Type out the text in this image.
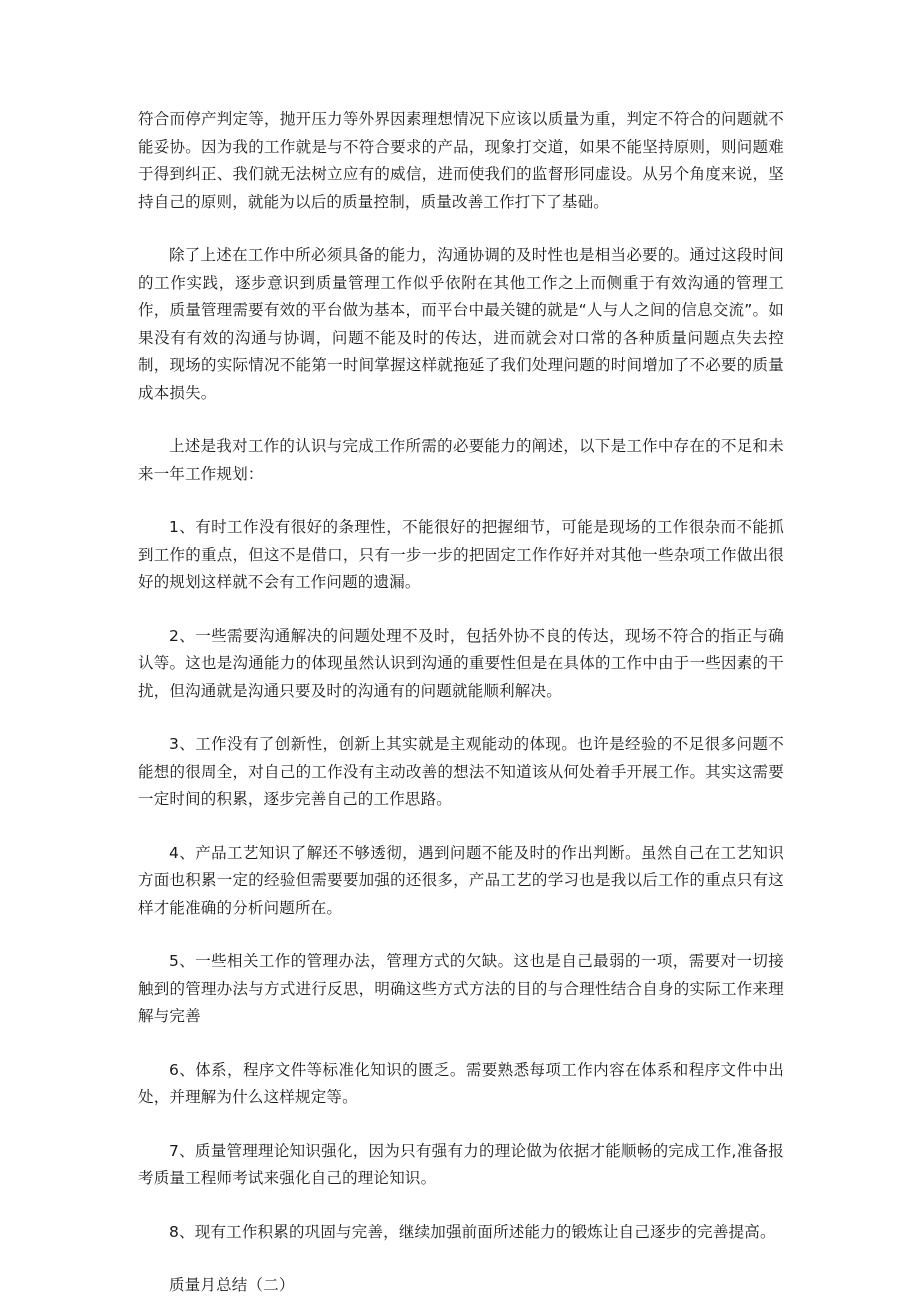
符合而停产判定等，抛开压力等外界因素理想情况下应该以质量为重，判定不符合的问题就不能妥协。因为我的工作就是与不符合要求的产品，现象打交道，如果不能坚持原则，则问题难于得到纠正、我们就无法树立应有的威信，进而使我们的监督形同虚设。从另个角度来说，坚持自己的原则，就能为以后的质量控制，质量改善工作打下了基础。

除了上述在工作中所必须具备的能力，沟通协调的及时性也是相当必要的。通过这段时间的工作实践，逐步意识到质量管理工作似乎依附在其他工作之上而侧重于有效沟通的管理工作，质量管理需要有效的平台做为基本，而平台中最关键的就是“人与人之间的信息交流”。如果没有有效的沟通与协调，问题不能及时的传达，进而就会对口常的各种质量问题点失去控制，现场的实际情况不能第一时间掌握这样就拖延了我们处理问题的时间增加了不必要的质量成本损失。

上述是我对工作的认识与完成工作所需的必要能力的阐述，以下是工作中存在的不足和未来一年工作规划：

1、有时工作没有很好的条理性，不能很好的把握细节，可能是现场的工作很杂而不能抓到工作的重点，但这不是借口，只有一步一步的把固定工作作好并对其他一些杂项工作做出很好的规划这样就不会有工作问题的遗漏。

2、一些需要沟通解决的问题处理不及时，包括外协不良的传达，现场不符合的指正与确认等。这也是沟通能力的体现虽然认识到沟通的重要性但是在具体的工作中由于一些因素的干扰，但沟通就是沟通只要及时的沟通有的问题就能顺利解决。

3、工作没有了创新性，创新上其实就是主观能动的体现。也许是经验的不足很多问题不能想的很周全，对自己的工作没有主动改善的想法不知道该从何处着手开展工作。其实这需要一定时间的积累，逐步完善自己的工作思路。

4、产品工艺知识了解还不够透彻，遇到问题不能及时的作出判断。虽然自己在工艺知识方面也积累一定的经验但需要要加强的还很多，产品工艺的学习也是我以后工作的重点只有这样才能准确的分析问题所在。

5、一些相关工作的管理办法，管理方式的欠缺。这也是自己最弱的一项，需要对一切接触到的管理办法与方式进行反思，明确这些方式方法的目的与合理性结合自身的实际工作来理解与完善

6、体系，程序文件等标准化知识的匮乏。需要熟悉每项工作内容在体系和程序文件中出处，并理解为什么这样规定等。

7、质量管理理论知识强化，因为只有强有力的理论做为依据才能顺畅的完成工作,准备报考质量工程师考试来强化自己的理论知识。

8、现有工作积累的巩固与完善，继续加强前面所述能力的锻炼让自己逐步的完善提高。

质量月总结（二）
